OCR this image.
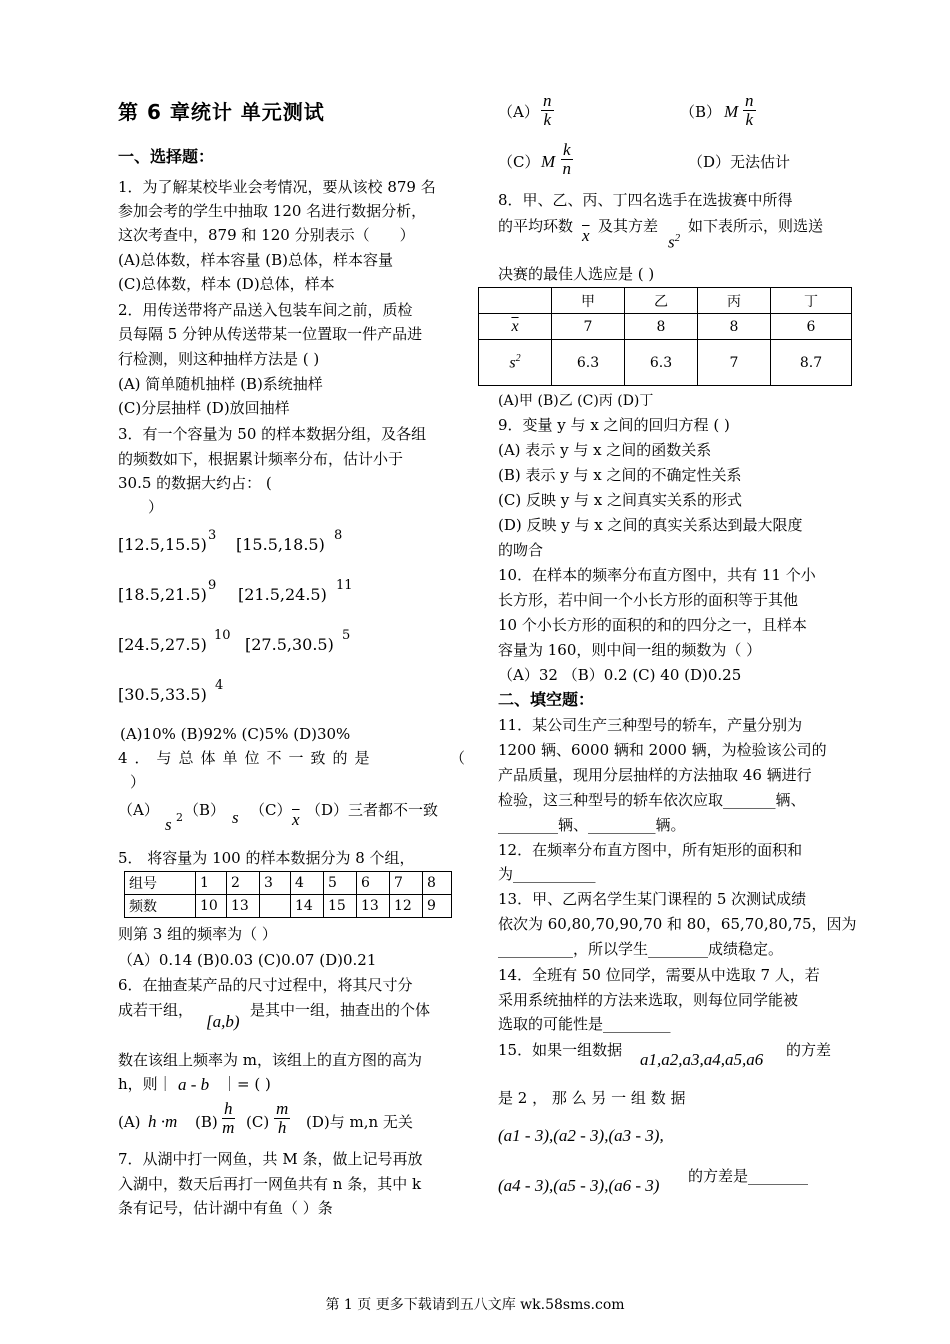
第 6 章统计 单元测试
一、选择题：
1．为了解某校毕业会考情况，要从该校 879 名
参加会考的学生中抽取 120 名进行数据分析，
这次考查中，879 和 120 分别表示（　　）
(A)总体数，样本容量 (B)总体，样本容量
(C)总体数，样本 (D)总体，样本
2．用传送带将产品送入包装车间之前，质检
员每隔 5 分钟从传送带某一位置取一件产品进
行检测，则这种抽样方法是 ( )
(A) 简单随机抽样 (B)系统抽样
(C)分层抽样 (D)放回抽样
3．有一个容量为 50 的样本数据分组，及各组
的频数如下，根据累计频率分布，估计小于
30.5 的数据大约占： (
）
[12.5,15.5) 3 [15.5,18.5) 8
[18.5,21.5) 9 [21.5,24.5) 11
[24.5,27.5) 10 [27.5,30.5) 5
[30.5,33.5) 4
(A)10% (B)92% (C)5% (D)30%
4．与总体单位不一致的是	（
）
（A）
s 2 （B） s （C） $\overline{x}$ （D）三者都不一致
5． 将容量为 100 的样本数据分为 8 个组，
组号	1	2	3	4	5	6	7	8
频数	10	13		14	15	13	12	9
则第 3 组的频率为（ ）
（A）0.14 (B)0.03 (C)0.07 (D)0.21
6．在抽查某产品的尺寸过程中，将其尺寸分
成若干组，
[a,b)
是其中一组，抽查出的个体
数在该组上频率为 m，该组上的直方图的高为
h，则｜ a - b ｜= ( )
(A) h ·m $(B) \frac{h}{m} (C) \frac{m}{h} (D)$与 m,n 无关
7．从湖中打一网鱼，共 M 条，做上记号再放
入湖中，数天后再打一网鱼共有 n 条，其中 k
条有记号，估计湖中有鱼（ ）条
$(A) \frac{n}{k}$	（B） M $\frac{n}{k}$
（C） M $\frac{k}{n}$	（D）无法估计
8．甲、乙、丙、丁四名选手在选拔赛中所得
的平均环数 $\overline{x}$ 及其方差
$s^2$
如下表所示，则选送
决赛的最佳人选应是 ( )
	甲	乙	丙	丁
$\overline{x}$	7	8	8	6
$s^2$	6.3	6.3	7	8.7
(A)甲 (B)乙 (C)丙 (D)丁
9．变量 y 与 x 之间的回归方程 ( )
(A) 表示 y 与 x 之间的函数关系
(B) 表示 y 与 x 之间的不确定性关系
(C) 反映 y 与 x 之间真实关系的形式
(D) 反映 y 与 x 之间的真实关系达到最大限度
的吻合
10．在样本的频率分布直方图中，共有 11 个小
长方形，若中间一个小长方形的面积等于其他
10 个小长方形的面积的和的四分之一，且样本
容量为 160，则中间一组的频数为（ ）
（A）32 （B）0.2 (C) 40 (D)0.25
二、填空题：
11．某公司生产三种型号的轿车，产量分别为
1200 辆、6000 辆和 2000 辆，为检验该公司的
产品质量，现用分层抽样的方法抽取 46 辆进行
检验，这三种型号的轿车依次应取_______辆、
________辆、_________辆。
12．在频率分布直方图中，所有矩形的面积和
为___________
13．甲、乙两名学生某门课程的 5 次测试成绩
依次为 60,80,70,90,70 和 80，65,70,80,75，因为
__________，所以学生________成绩稳定。
14．全班有 50 位同学，需要从中选取 7 人，若
采用系统抽样的方法来选取，则每位同学能被
选取的可能性是_________
15．如果一组数据 a1,a2,a3,a4,a5,a6 的方差
是 2 ， 那 么 另 一 组 数 据
(a1 - 3),(a2 - 3),(a3 - 3),
(a4 - 3),(a5 - 3),(a6 - 3) 的方差是________
第 1 页 更多下载请到五八文库 wk.58sms.com
